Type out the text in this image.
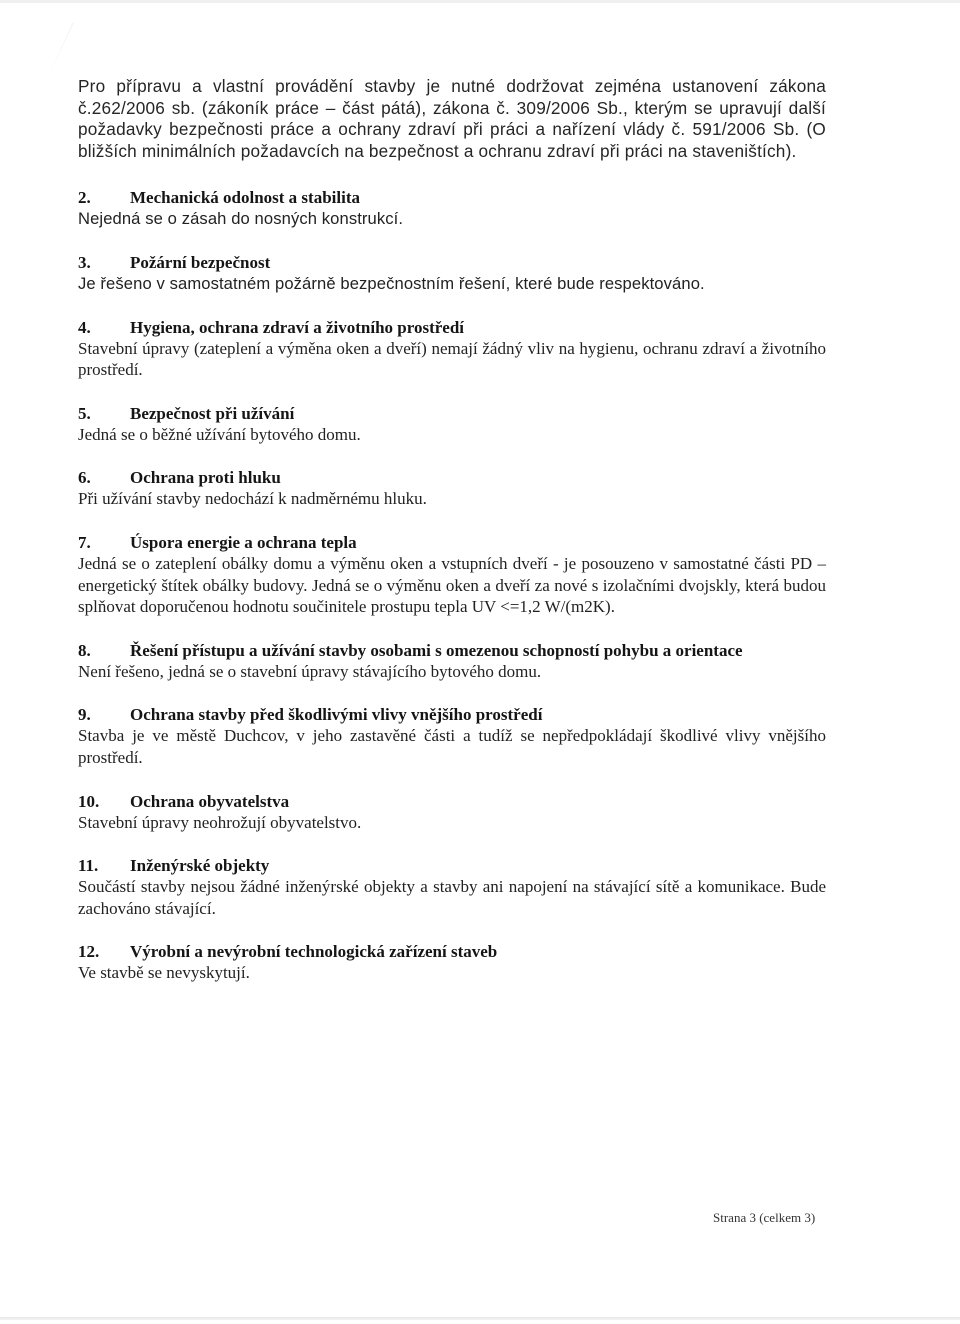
Pro přípravu a vlastní provádění stavby je nutné dodržovat zejména ustanovení zákona č.262/2006 sb. (zákoník práce – část pátá), zákona č. 309/2006 Sb., kterým se upravují další požadavky bezpečnosti práce a ochrany zdraví při práci a nařízení vlády č. 591/2006 Sb. (O bližších minimálních požadavcích na bezpečnost a ochranu zdraví při práci na staveništích).

2.	Mechanická odolnost a stabilita

Nejedná se o zásah do nosných konstrukcí.

3.	Požární bezpečnost

Je řešeno v samostatném požárně bezpečnostním řešení, které bude respektováno.

4.	Hygiena, ochrana zdraví a životního prostředí

Stavební úpravy (zateplení a výměna oken a dveří) nemají žádný vliv na hygienu, ochranu zdraví a životního prostředí.

5.	Bezpečnost při užívání

Jedná se o běžné užívání bytového domu.

6.	Ochrana proti hluku

Při užívání stavby nedochází k nadměrnému hluku.

7.	Úspora energie a ochrana tepla

Jedná se o zateplení obálky domu a výměnu oken a vstupních dveří - je posouzeno v samostatné části PD – energetický štítek obálky budovy. Jedná se o výměnu oken a dveří za nové s izolačními dvojskly, která budou splňovat doporučenou hodnotu součinitele prostupu tepla UV <=1,2 W/(m2K).

8.	Řešení přístupu a užívání stavby osobami s omezenou schopností pohybu a orientace

Není řešeno, jedná se o stavební úpravy stávajícího bytového domu.

9.	Ochrana stavby před škodlivými vlivy vnějšího prostředí

Stavba je ve městě Duchcov, v jeho zastavěné části a tudíž se nepředpokládají škodlivé vlivy vnějšího prostředí.

10.	Ochrana obyvatelstva

Stavební úpravy neohrožují obyvatelstvo.

11.	Inženýrské objekty

Součástí stavby nejsou žádné inženýrské objekty a stavby ani napojení na stávající sítě a komunikace. Bude zachováno stávající.

12.	Výrobní a nevýrobní technologická zařízení staveb

Ve stavbě se nevyskytují.

Strana 3 (celkem 3)
